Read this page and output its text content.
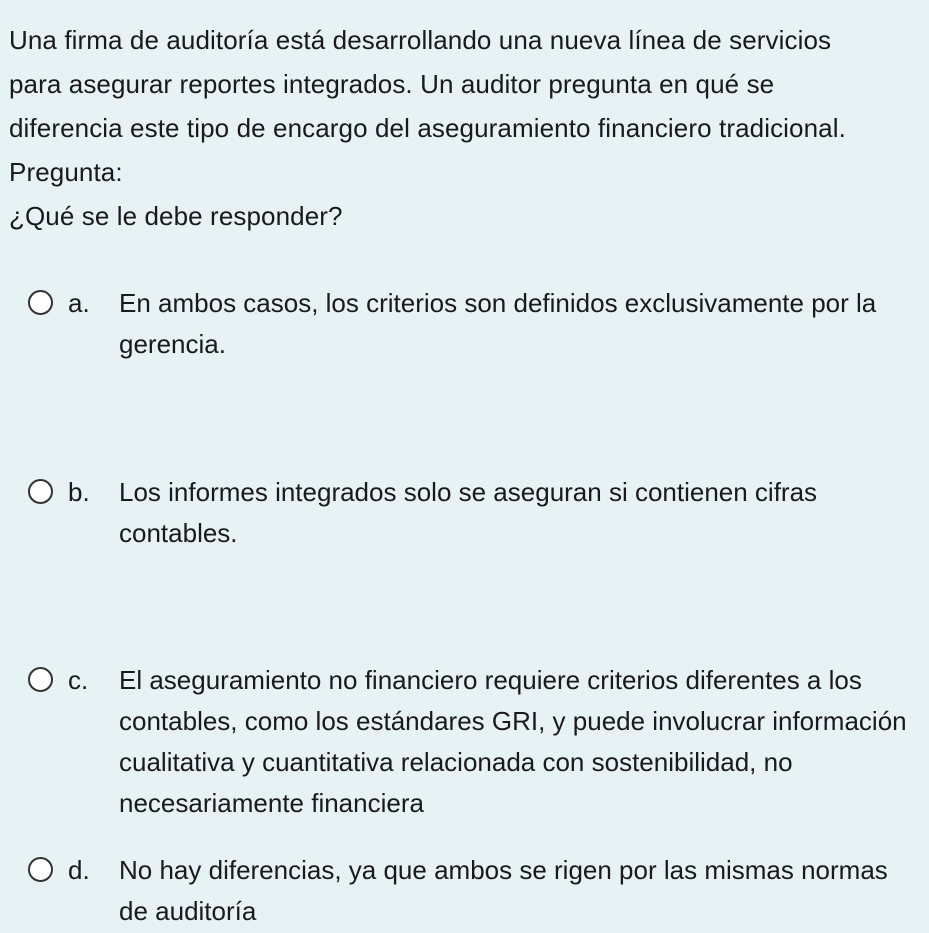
Una firma de auditoría está desarrollando una nueva línea de servicios

para asegurar reportes integrados. Un auditor pregunta en qué se

diferencia este tipo de encargo del aseguramiento financiero tradicional.

Pregunta:

¿Qué se le debe responder?

a.	En ambos casos, los criterios son definidos exclusivamente por la gerencia.
b.	Los informes integrados solo se aseguran si contienen cifras contables.
c.	El aseguramiento no financiero requiere criterios diferentes a los contables, como los estándares GRI, y puede involucrar información cualitativa y cuantitativa relacionada con sostenibilidad, no necesariamente financiera
d.	No hay diferencias, ya que ambos se rigen por las mismas normas de auditoría
